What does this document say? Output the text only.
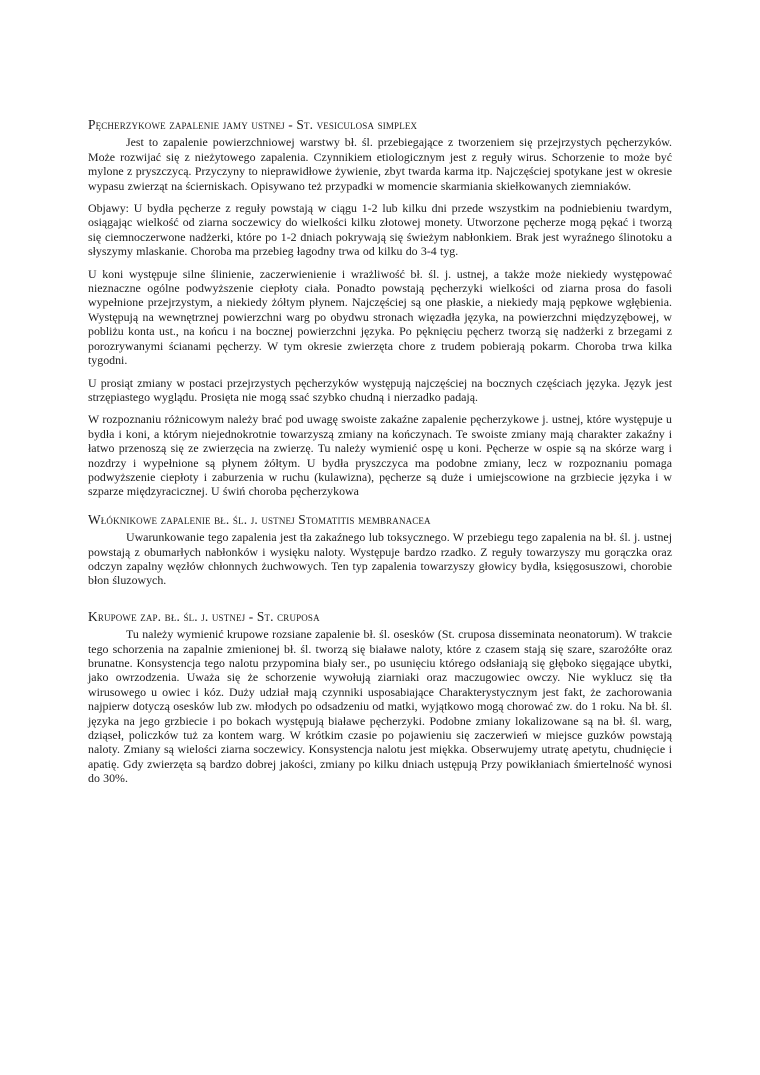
Pęcherzykowe zapalenie jamy ustnej - St. vesiculosa simplex

Jest to zapalenie powierzchniowej warstwy bł. śl. przebiegające z tworzeniem się przejrzystych pęcherzyków. Może rozwijać się z nieżytowego zapalenia. Czynnikiem etiologicznym jest z reguły wirus. Schorzenie to może być mylone z pryszczycą. Przyczyny to nieprawidłowe żywienie, zbyt twarda karma itp. Najczęściej spotykane jest w okresie wypasu zwierząt na ścierniskach. Opisywano też przypadki w momencie skarmiania skiełkowanych ziemniaków.

Objawy: U bydła pęcherze z reguły powstają w ciągu 1-2 lub kilku dni przede wszystkim na podniebieniu twardym, osiągając wielkość od ziarna soczewicy do wielkości kilku złotowej monety. Utworzone pęcherze mogą pękać i tworzą się ciemnoczerwone nadżerki, które po 1-2 dniach pokrywają się świeżym nabłonkiem. Brak jest wyraźnego ślinotoku a słyszymy mlaskanie. Choroba ma przebieg łagodny trwa od kilku do 3-4 tyg.

U koni występuje silne ślinienie, zaczerwienienie i wrażliwość bł. śl. j. ustnej, a także może niekiedy występować nieznaczne ogólne podwyższenie ciepłoty ciała. Ponadto powstają pęcherzyki wielkości od ziarna prosa do fasoli wypełnione przejrzystym, a niekiedy żółtym płynem. Najczęściej są one płaskie, a niekiedy mają pępkowe wgłębienia. Występują na wewnętrznej powierzchni warg po obydwu stronach więzadła języka, na powierzchni międzyzębowej, w pobliżu konta ust., na końcu i na bocznej powierzchni języka. Po pęknięciu pęcherz tworzą się nadżerki z brzegami z porozrywanymi ścianami pęcherzy. W tym okresie zwierzęta chore z trudem pobierają pokarm. Choroba trwa kilka tygodni.

U prosiąt zmiany w postaci przejrzystych pęcherzyków występują najczęściej na bocznych częściach języka. Język jest strzępiastego wyglądu. Prosięta nie mogą ssać szybko chudną i nierzadko padają.

W rozpoznaniu różnicowym należy brać pod uwagę swoiste zakaźne zapalenie pęcherzykowe j. ustnej, które występuje u bydła i koni, a którym niejednokrotnie towarzyszą zmiany na kończynach. Te swoiste zmiany mają charakter zakaźny i łatwo przenoszą się ze zwierzęcia na zwierzę. Tu należy wymienić ospę u koni. Pęcherze w ospie są na skórze warg i nozdrzy i wypełnione są płynem żółtym. U bydła pryszczyca ma podobne zmiany, lecz w rozpoznaniu pomaga podwyższenie ciepłoty i zaburzenia w ruchu (kulawizna), pęcherze są duże i umiejscowione na grzbiecie języka i w szparze międzyracicznej. U świń choroba pęcherzykowa

Włóknikowe zapalenie bł. śl. j. ustnej Stomatitis membranacea

Uwarunkowanie tego zapalenia jest tła zakaźnego lub toksycznego. W przebiegu tego zapalenia na bł. śl. j. ustnej powstają z obumarłych nabłonków i wysięku naloty. Występuje bardzo rzadko. Z reguły towarzyszy mu gorączka oraz odczyn zapalny węzłów chłonnych żuchwowych. Ten typ zapalenia towarzyszy głowicy bydła, księgosuszowi, chorobie błon śluzowych.

Krupowe zap. bł. śl. j. ustnej - St. cruposa

Tu należy wymienić krupowe rozsiane zapalenie bł. śl. osesków (St. cruposa disseminata neonatorum). W trakcie tego schorzenia na zapalnie zmienionej bł. śl. tworzą się białawe naloty, które z czasem stają się szare, szarożółte oraz brunatne. Konsystencja tego nalotu przypomina biały ser., po usunięciu którego odsłaniają się głęboko sięgające ubytki, jako owrzodzenia. Uważa się że schorzenie wywołują ziarniaki oraz maczugowiec owczy. Nie wyklucz się tła wirusowego u owiec i kóz. Duży udział mają czynniki usposabiające Charakterystycznym jest fakt, że zachorowania najpierw dotyczą osesków lub zw. młodych po odsadzeniu od matki, wyjątkowo mogą chorować zw. do 1 roku. Na bł. śl. języka na jego grzbiecie i po bokach występują białawe pęcherzyki. Podobne zmiany lokalizowane są na bł. śl. warg, dziąseł, policzków tuż za kontem warg. W krótkim czasie po pojawieniu się zaczerwień w miejsce guzków powstają naloty. Zmiany są wielości ziarna soczewicy. Konsystencja nalotu jest miękka. Obserwujemy utratę apetytu, chudnięcie i apatię. Gdy zwierzęta są bardzo dobrej jakości, zmiany po kilku dniach ustępują Przy powikłaniach śmiertelność wynosi do 30%.
